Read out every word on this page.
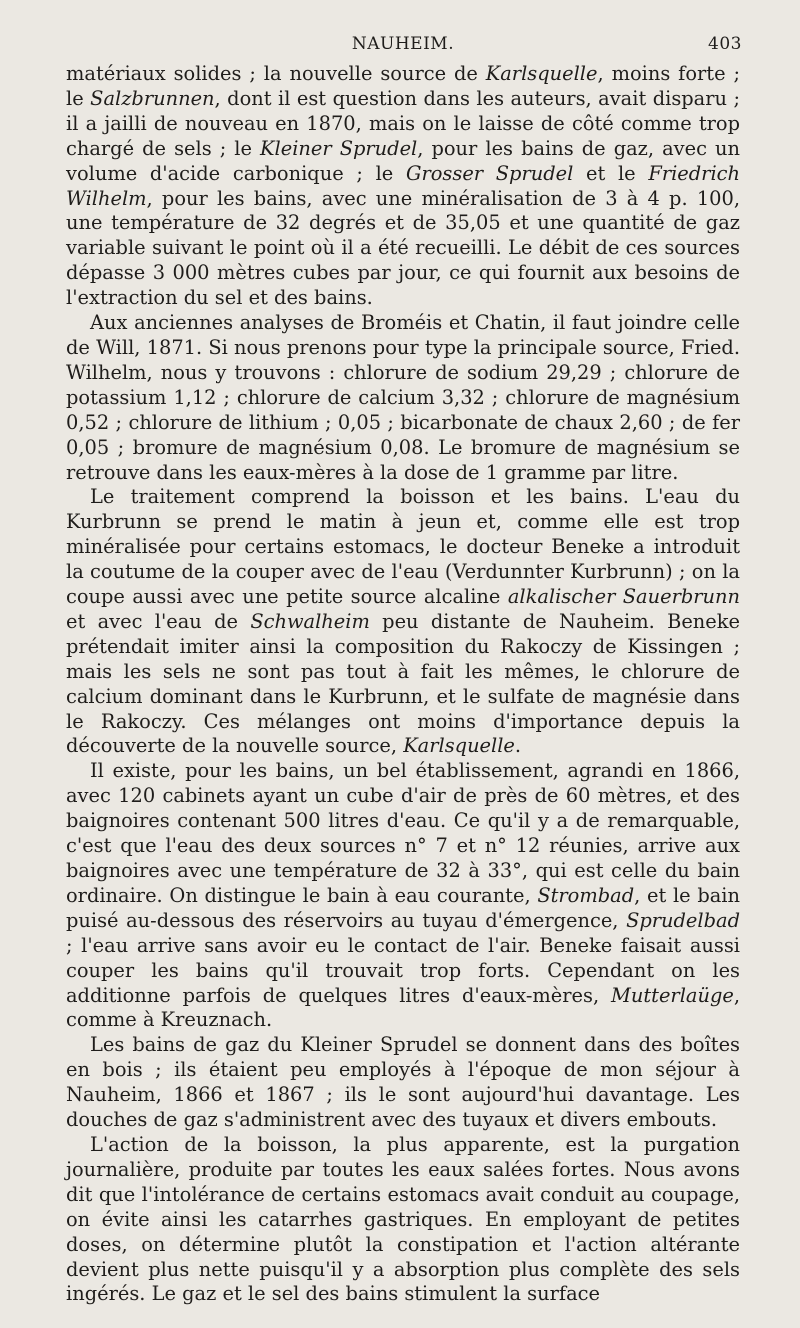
NAUHEIM.	403

matériaux solides ; la nouvelle source de Karlsquelle, moins forte ; le Salzbrunnen, dont il est question dans les auteurs, avait disparu ; il a jailli de nouveau en 1870, mais on le laisse de côté comme trop chargé de sels ; le Kleiner Sprudel, pour les bains de gaz, avec un volume d'acide carbonique ; le Grosser Sprudel et le Friedrich Wilhelm, pour les bains, avec une minéralisation de 3 à 4 p. 100, une température de 32 degrés et de 35,05 et une quantité de gaz variable suivant le point où il a été recueilli. Le débit de ces sources dépasse 3 000 mètres cubes par jour, ce qui fournit aux besoins de l'extraction du sel et des bains.

Aux anciennes analyses de Broméis et Chatin, il faut joindre celle de Will, 1871. Si nous prenons pour type la principale source, Fried. Wilhelm, nous y trouvons : chlorure de sodium 29,29 ; chlorure de potassium 1,12 ; chlorure de calcium 3,32 ; chlorure de magnésium 0,52 ; chlorure de lithium ; 0,05 ; bicarbonate de chaux 2,60 ; de fer 0,05 ; bromure de magnésium 0,08. Le bromure de magnésium se retrouve dans les eaux-mères à la dose de 1 gramme par litre.

Le traitement comprend la boisson et les bains. L'eau du Kurbrunn se prend le matin à jeun et, comme elle est trop minéralisée pour certains estomacs, le docteur Beneke a introduit la coutume de la couper avec de l'eau (Verdunnter Kurbrunn) ; on la coupe aussi avec une petite source alcaline alkalischer Sauerbrunn et avec l'eau de Schwalheim peu distante de Nauheim. Beneke prétendait imiter ainsi la composition du Rakoczy de Kissingen ; mais les sels ne sont pas tout à fait les mêmes, le chlorure de calcium dominant dans le Kurbrunn, et le sulfate de magnésie dans le Rakoczy. Ces mélanges ont moins d'importance depuis la découverte de la nouvelle source, Karlsquelle.

Il existe, pour les bains, un bel établissement, agrandi en 1866, avec 120 cabinets ayant un cube d'air de près de 60 mètres, et des baignoires contenant 500 litres d'eau. Ce qu'il y a de remarquable, c'est que l'eau des deux sources n° 7 et n° 12 réunies, arrive aux baignoires avec une température de 32 à 33°, qui est celle du bain ordinaire. On distingue le bain à eau courante, Strombad, et le bain puisé au-dessous des réservoirs au tuyau d'émergence, Sprudelbad ; l'eau arrive sans avoir eu le contact de l'air. Beneke faisait aussi couper les bains qu'il trouvait trop forts. Cependant on les additionne parfois de quelques litres d'eaux-mères, Mutterlaüge, comme à Kreuznach.

Les bains de gaz du Kleiner Sprudel se donnent dans des boîtes en bois ; ils étaient peu employés à l'époque de mon séjour à Nauheim, 1866 et 1867 ; ils le sont aujourd'hui davantage. Les douches de gaz s'administrent avec des tuyaux et divers embouts.

L'action de la boisson, la plus apparente, est la purgation journalière, produite par toutes les eaux salées fortes. Nous avons dit que l'intolérance de certains estomacs avait conduit au coupage, on évite ainsi les catarrhes gastriques. En employant de petites doses, on détermine plutôt la constipation et l'action altérante devient plus nette puisqu'il y a absorption plus complète des sels ingérés. Le gaz et le sel des bains stimulent la surface
